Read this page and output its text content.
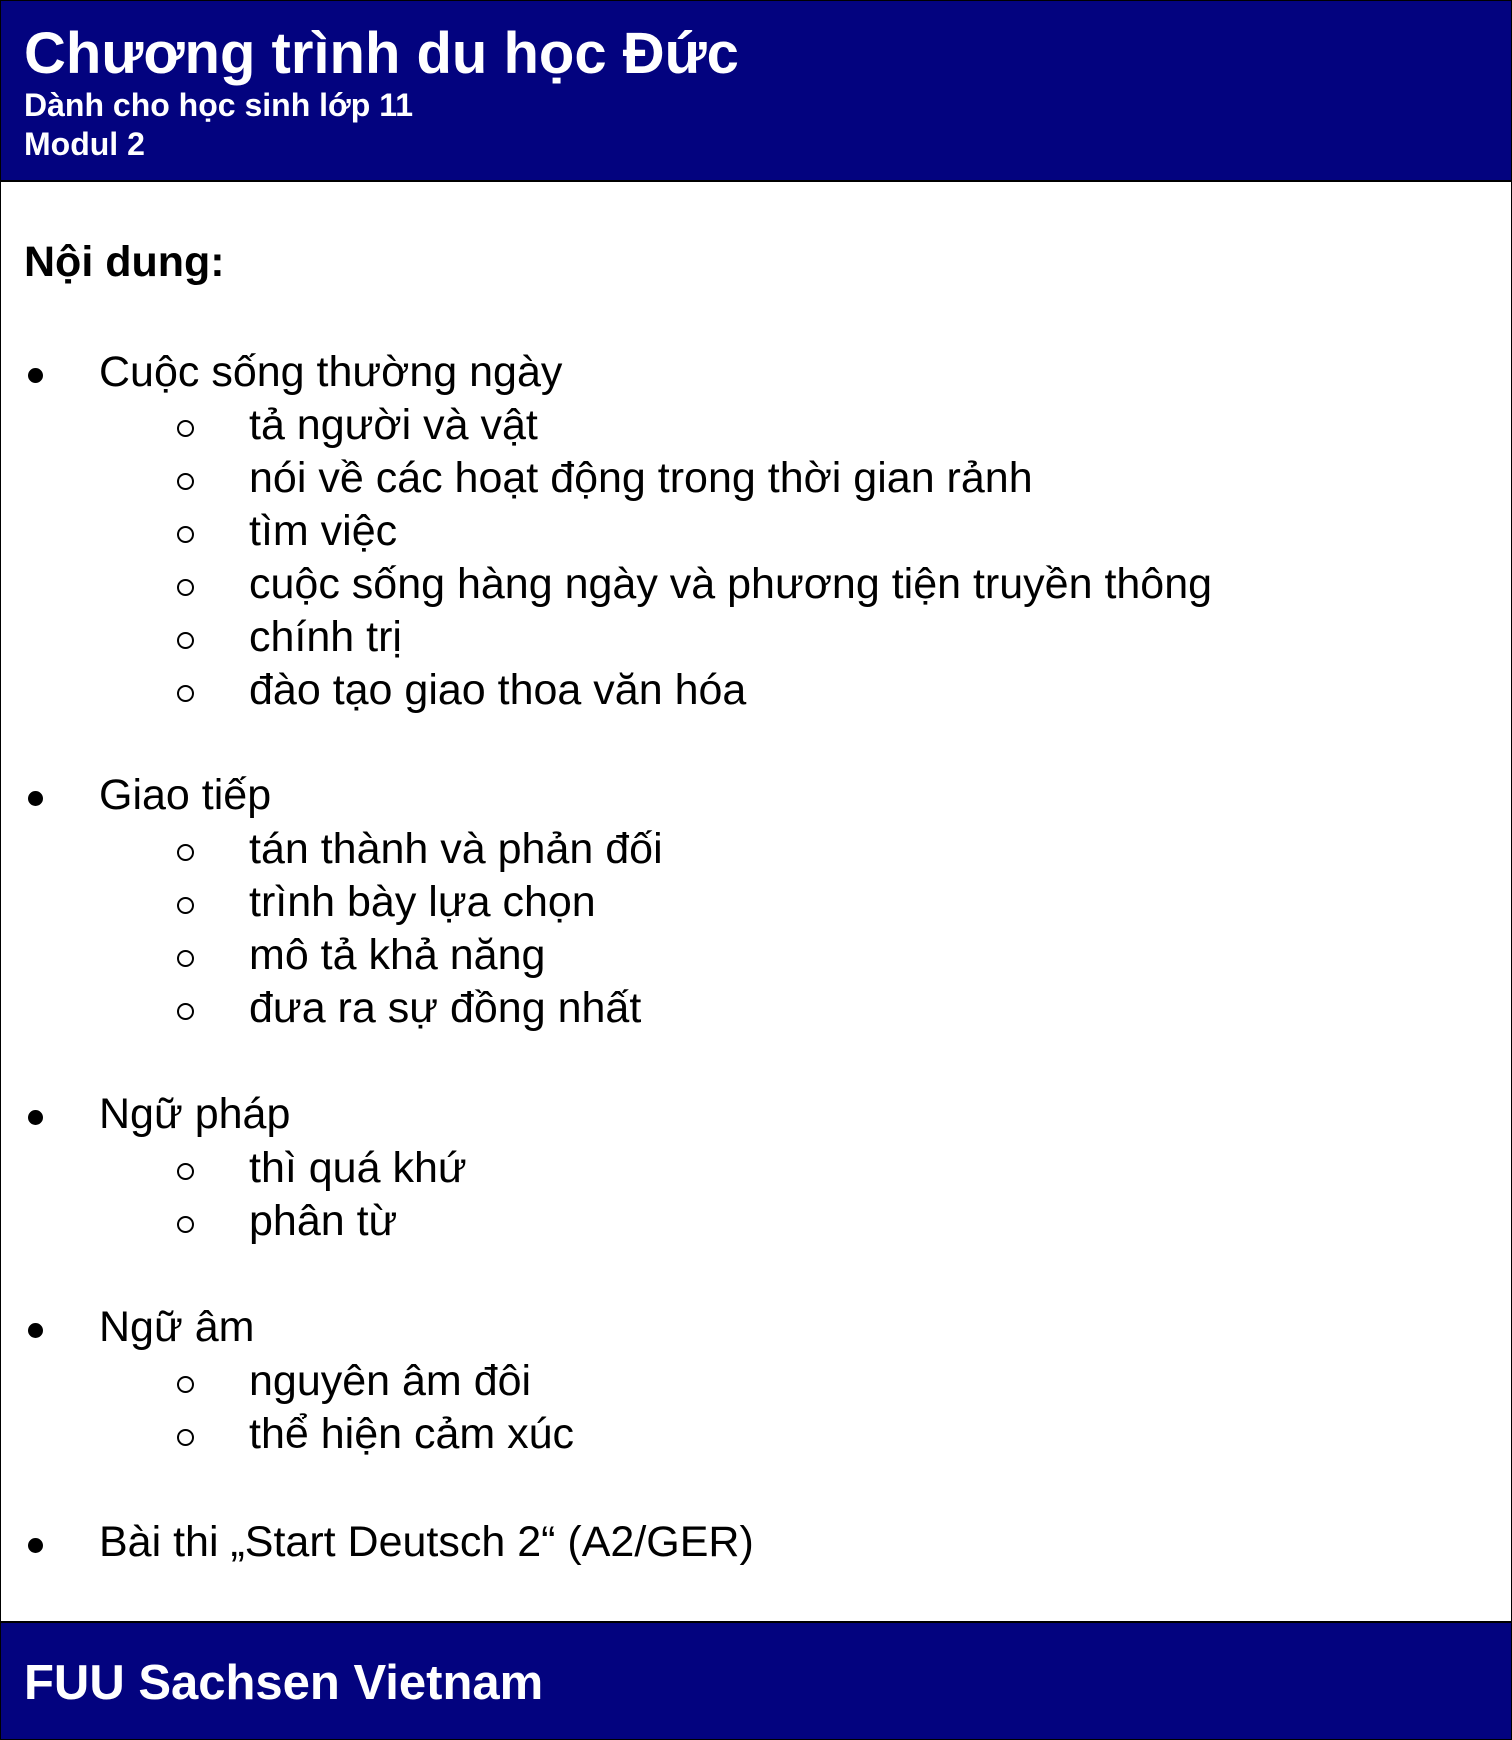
Chương trình du học Đức
Dành cho học sinh lớp 11
Modul 2
Nội dung:
Cuộc sống thường ngày
tả người và vật
nói về các hoạt động trong thời gian rảnh
tìm việc
cuộc sống hàng ngày và phương tiện truyền thông
chính trị
đào tạo giao thoa văn hóa
Giao tiếp
tán thành và phản đối
trình bày lựa chọn
mô tả khả năng
đưa ra sự đồng nhất
Ngữ pháp
thì quá khứ
phân từ
Ngữ âm
nguyên âm đôi
thể hiện cảm xúc
Bài thi „Start Deutsch 2“ (A2/GER)
FUU Sachsen Vietnam
